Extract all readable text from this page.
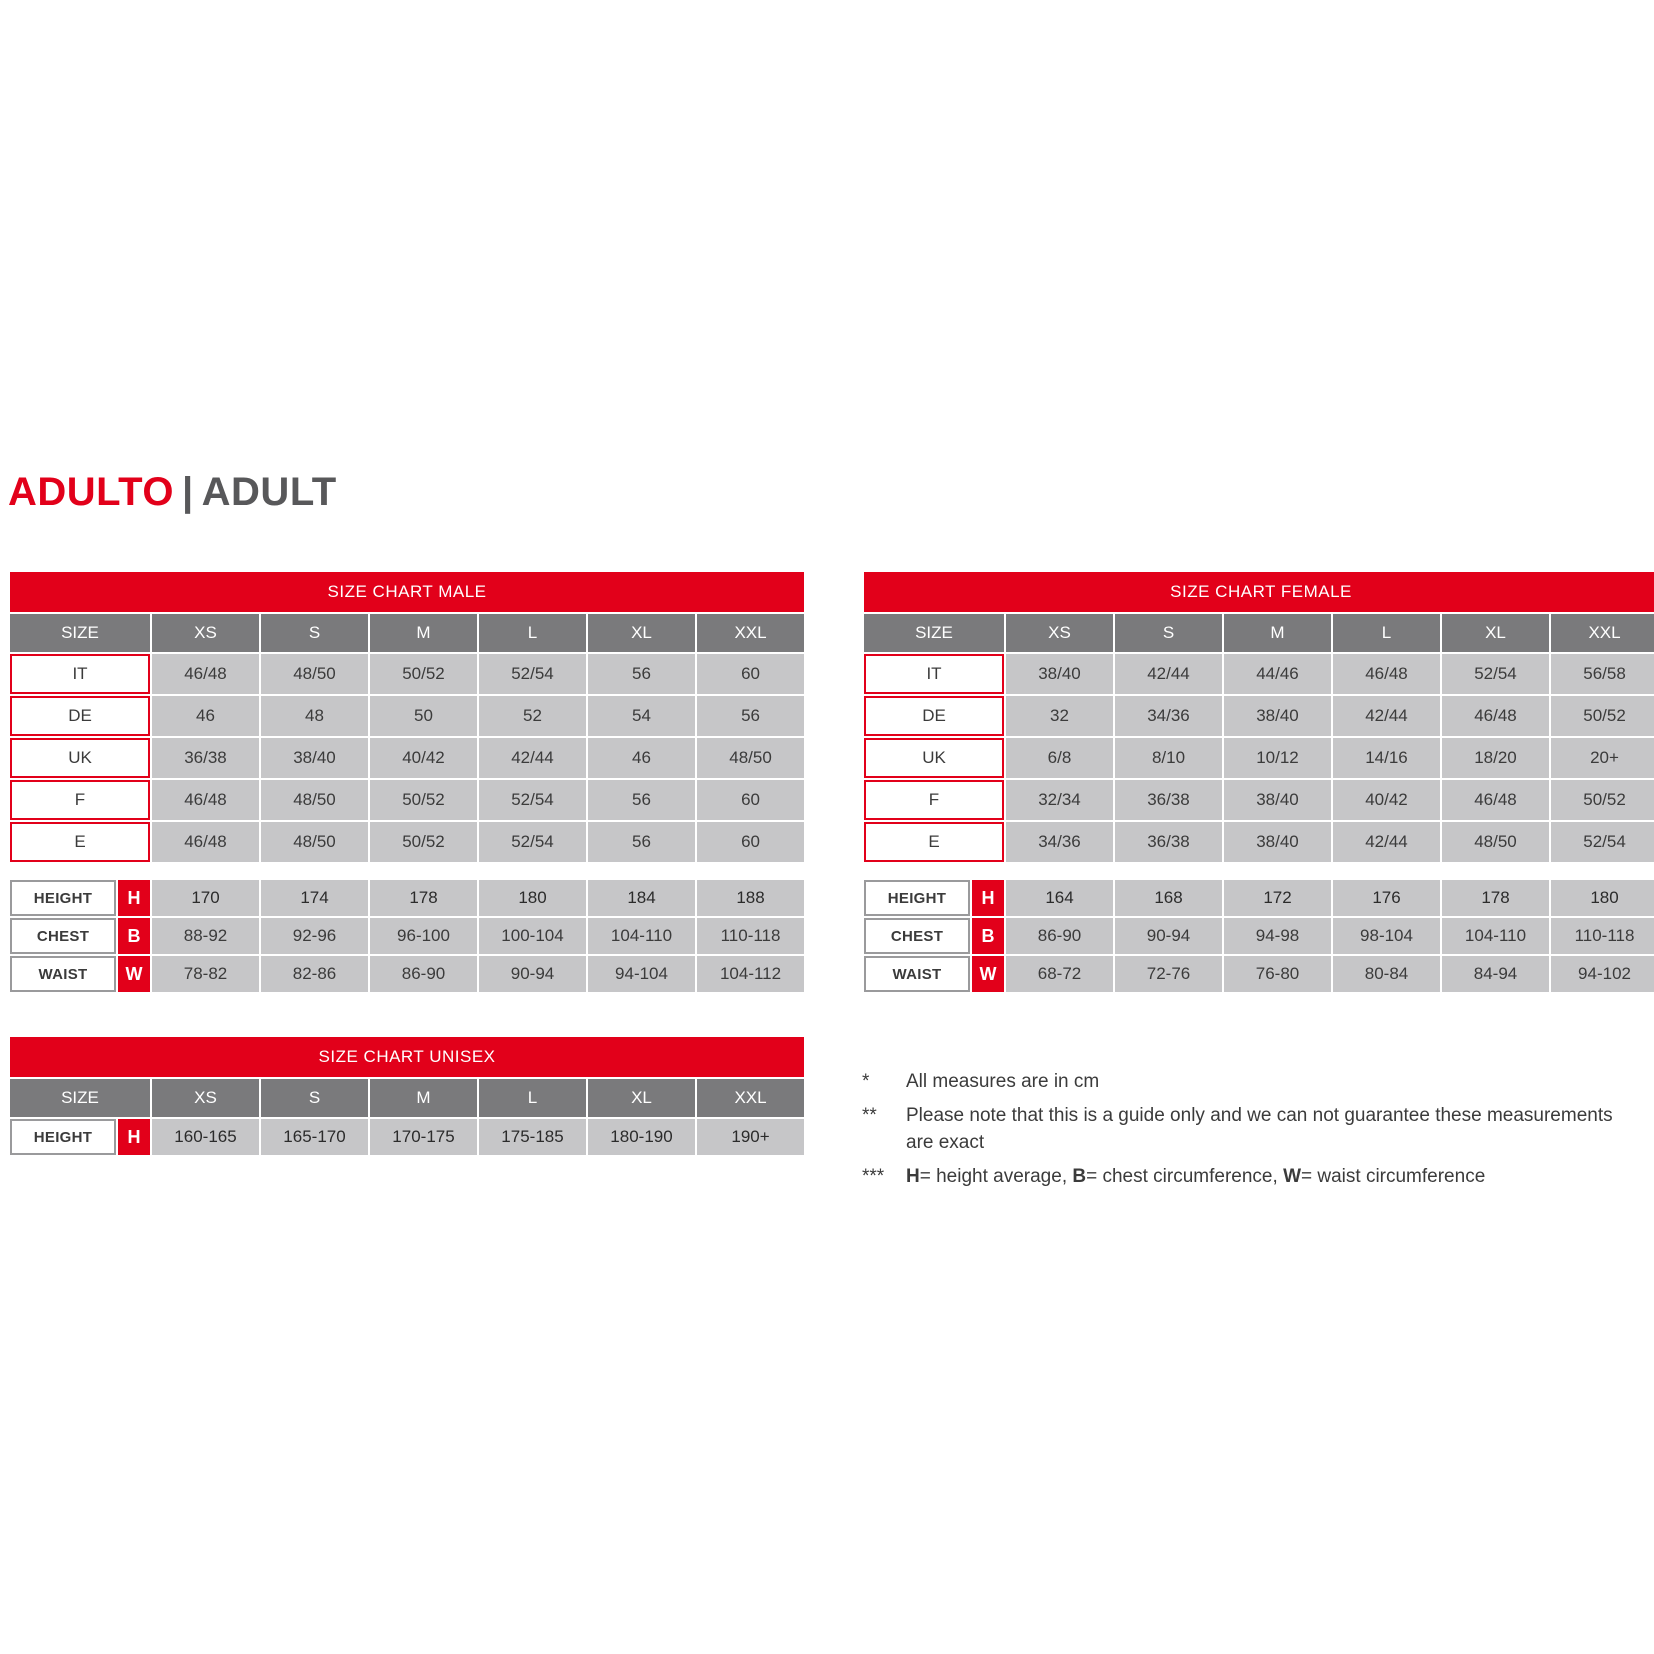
ADULTO | ADULT
SIZE CHART MALE						
SIZE	XS	S	M	L	XL	XXL
IT	46/48	48/50	50/52	52/54	56	60
DE	46	48	50	52	54	56
UK	36/38	38/40	40/42	42/44	46	48/50
F	46/48	48/50	50/52	52/54	56	60
E	46/48	48/50	50/52	52/54	56	60

HEIGHT H	170	174	178	180	184	188

CHEST B	88-92	92-96	96-100	100-104	104-110	110-118

WAIST W	78-82	82-86	86-90	90-94	94-104	104-112
SIZE CHART FEMALE						
SIZE	XS	S	M	L	XL	XXL
IT	38/40	42/44	44/46	46/48	52/54	56/58
DE	32	34/36	38/40	42/44	46/48	50/52
UK	6/8	8/10	10/12	14/16	18/20	20+
F	32/34	36/38	38/40	40/42	46/48	50/52
E	34/36	36/38	38/40	42/44	48/50	52/54

HEIGHT H	164	168	172	176	178	180

CHEST B	86-90	90-94	94-98	98-104	104-110	110-118

WAIST W	68-72	72-76	76-80	80-84	84-94	94-102
SIZE CHART UNISEX						
SIZE	XS	S	M	L	XL	XXL

HEIGHT H	160-165	165-170	170-175	175-185	180-190	190+
*	All measures are in cm
**	Please note that this is a guide only and we can not guarantee these measurements are exact
***	H= height average, B= chest circumference, W= waist circumference
